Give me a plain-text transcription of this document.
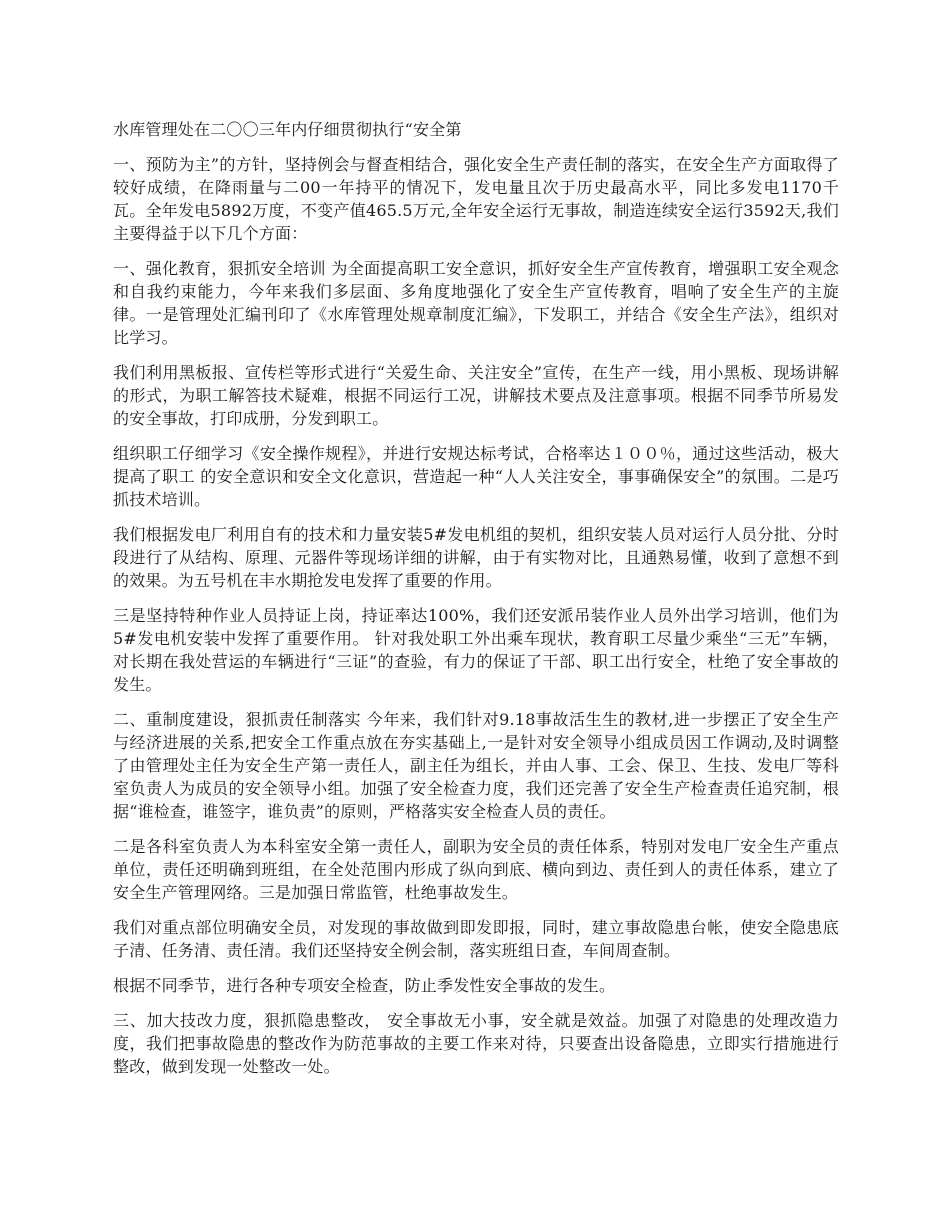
水库管理处在二〇〇三年内仔细贯彻执行“安全第

一、预防为主”的方针，坚持例会与督查相结合，强化安全生产责任制的落实，在安全生产方面取得了较好成绩，在降雨量与二00一年持平的情况下，发电量且次于历史最高水平，同比多发电1170千瓦。全年发电5892万度，不变产值465.5万元,全年安全运行无事故，制造连续安全运行3592天,我们主要得益于以下几个方面：

一、强化教育，狠抓安全培训 为全面提高职工安全意识，抓好安全生产宣传教育，增强职工安全观念和自我约束能力，今年来我们多层面、多角度地强化了安全生产宣传教育，唱响了安全生产的主旋律。一是管理处汇编刊印了《水库管理处规章制度汇编》，下发职工，并结合《安全生产法》，组织对比学习。

我们利用黑板报、宣传栏等形式进行“关爱生命、关注安全”宣传，在生产一线，用小黑板、现场讲解的形式，为职工解答技术疑难，根据不同运行工况，讲解技术要点及注意事项。根据不同季节所易发的安全事故，打印成册，分发到职工。

组织职工仔细学习《安全操作规程》，并进行安规达标考试，合格率达１００％，通过这些活动，极大提高了职工 的安全意识和安全文化意识，营造起一种“人人关注安全，事事确保安全”的氛围。二是巧抓技术培训。

我们根据发电厂利用自有的技术和力量安装5#发电机组的契机，组织安装人员对运行人员分批、分时段进行了从结构、原理、元器件等现场详细的讲解，由于有实物对比，且通熟易懂，收到了意想不到的效果。为五号机在丰水期抢发电发挥了重要的作用。

三是坚持特种作业人员持证上岗，持证率达100%，我们还安派吊装作业人员外出学习培训，他们为5#发电机安装中发挥了重要作用。 针对我处职工外出乘车现状，教育职工尽量少乘坐“三无”车辆，对长期在我处营运的车辆进行“三证”的查验，有力的保证了干部、职工出行安全，杜绝了安全事故的发生。

二、重制度建设，狠抓责任制落实 今年来，我们针对9.18事故活生生的教材,进一步摆正了安全生产与经济进展的关系,把安全工作重点放在夯实基础上,一是针对安全领导小组成员因工作调动,及时调整了由管理处主任为安全生产第一责任人，副主任为组长，并由人事、工会、保卫、生技、发电厂等科室负责人为成员的安全领导小组。加强了安全检查力度，我们还完善了安全生产检查责任追究制，根据“谁检查，谁签字，谁负责”的原则，严格落实安全检查人员的责任。

二是各科室负责人为本科室安全第一责任人，副职为安全员的责任体系，特别对发电厂安全生产重点单位，责任还明确到班组，在全处范围内形成了纵向到底、横向到边、责任到人的责任体系，建立了安全生产管理网络。三是加强日常监管，杜绝事故发生。

我们对重点部位明确安全员，对发现的事故做到即发即报，同时，建立事故隐患台帐，使安全隐患底子清、任务清、责任清。我们还坚持安全例会制，落实班组日查，车间周查制。

根据不同季节，进行各种专项安全检查，防止季发性安全事故的发生。

三、加大技改力度，狠抓隐患整改， 安全事故无小事，安全就是效益。加强了对隐患的处理改造力度，我们把事故隐患的整改作为防范事故的主要工作来对待，只要查出设备隐患，立即实行措施进行整改，做到发现一处整改一处。
